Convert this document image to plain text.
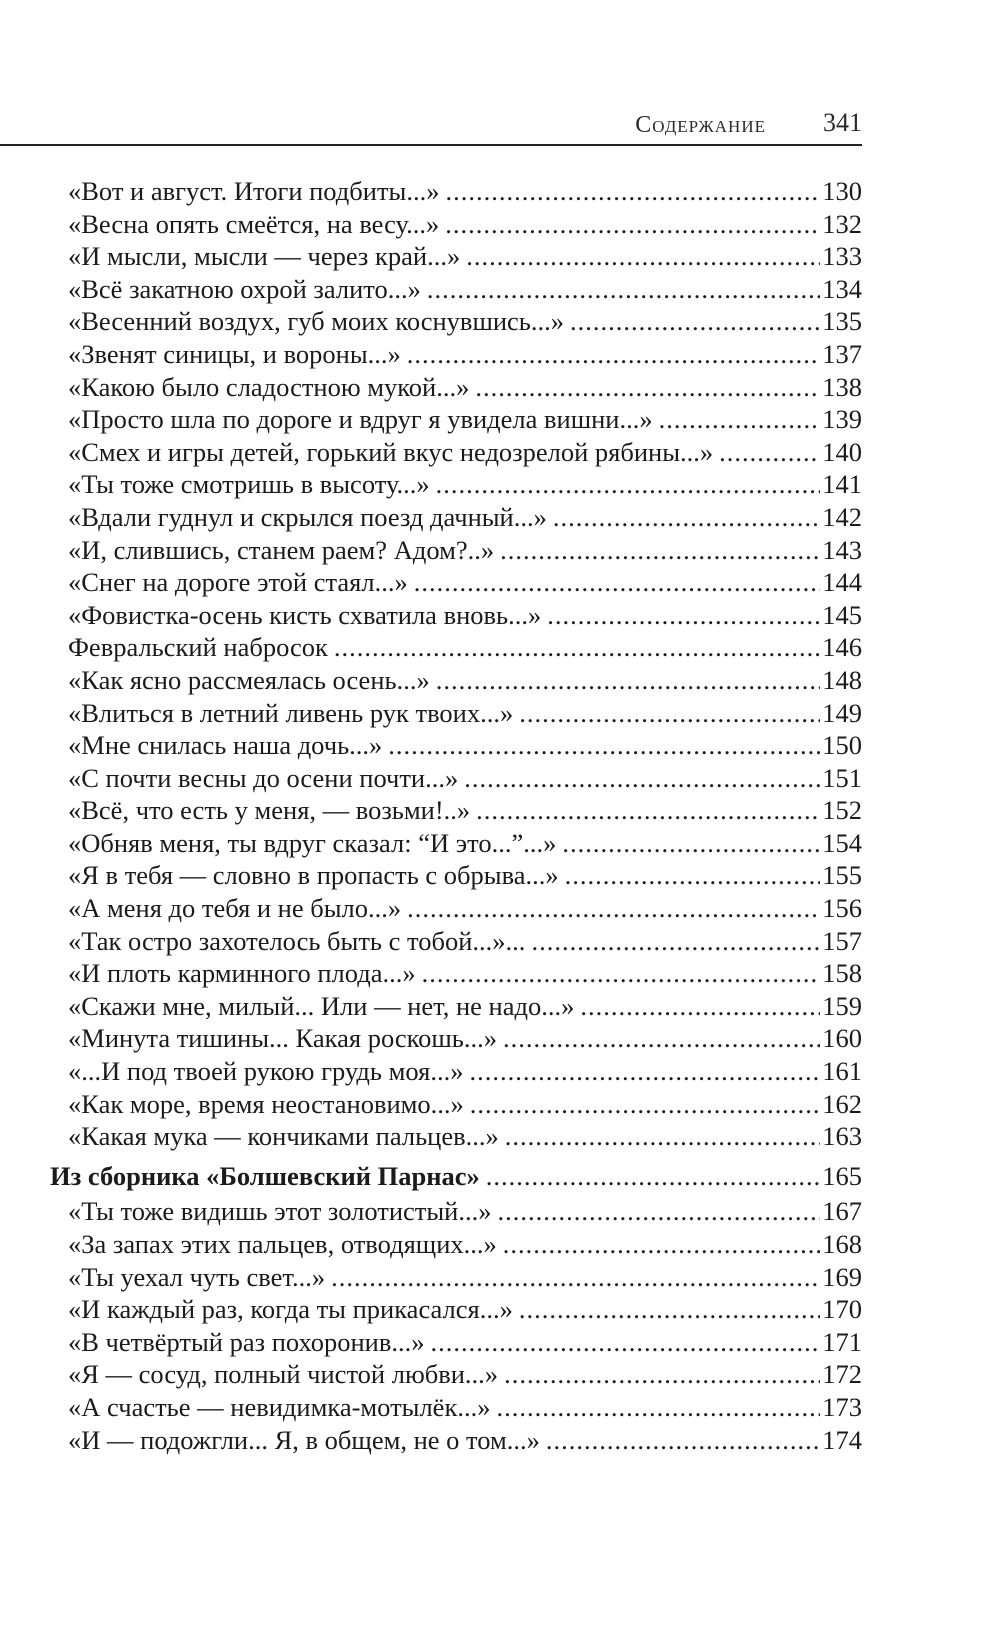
Содержание 341
«Вот и август. Итоги подбиты...» .....	130
«Весна опять смеётся, на весу...» .....	132
«И мысли, мысли — через край...» .....	133
«Всё закатною охрой залито...» .....	134
«Весенний воздух, губ моих коснувшись...» .....	135
«Звенят синицы, и вороны...» .....	137
«Какою было сладостною мукой...» .....	138
«Просто шла по дороге и вдруг я увидела вишни...» .....	139
«Смех и игры детей, горький вкус недозрелой рябины...» .....	140
«Ты тоже смотришь в высоту...» .....	141
«Вдали гуднул и скрылся поезд дачный...» .....	142
«И, слившись, станем раем? Адом?..» .....	143
«Снег на дороге этой стаял...» .....	144
«Фовистка-осень кисть схватила вновь...» .....	145
Февральский набросок .....	146
«Как ясно рассмеялась осень...» .....	148
«Влиться в летний ливень рук твоих...» .....	149
«Мне снилась наша дочь...» .....	150
«С почти весны до осени почти...» .....	151
«Всё, что есть у меня, — возьми!..» .....	152
«Обняв меня, ты вдруг сказал: “И это...”...» .....	154
«Я в тебя — словно в пропасть с обрыва...» .....	155
«А меня до тебя и не было...» .....	156
«Так остро захотелось быть с тобой...»... .....	157
«И плоть карминного плода...» .....	158
«Скажи мне, милый... Или — нет, не надо...» .....	159
«Минута тишины... Какая роскошь...» .....	160
«...И под твоей рукою грудь моя...» .....	161
«Как море, время неостановимо...» .....	162
«Какая мука — кончиками пальцев...» .....	163
Из сборника «Болшевский Парнас» .....	165
«Ты тоже видишь этот золотистый...» .....	167
«За запах этих пальцев, отводящих...» .....	168
«Ты уехал чуть свет...» .....	169
«И каждый раз, когда ты прикасался...» .....	170
«В четвёртый раз похоронив...» .....	171
«Я — сосуд, полный чистой любви...» .....	172
«А счастье — невидимка-мотылёк...» .....	173
«И — подожгли... Я, в общем, не о том...» .....	174
